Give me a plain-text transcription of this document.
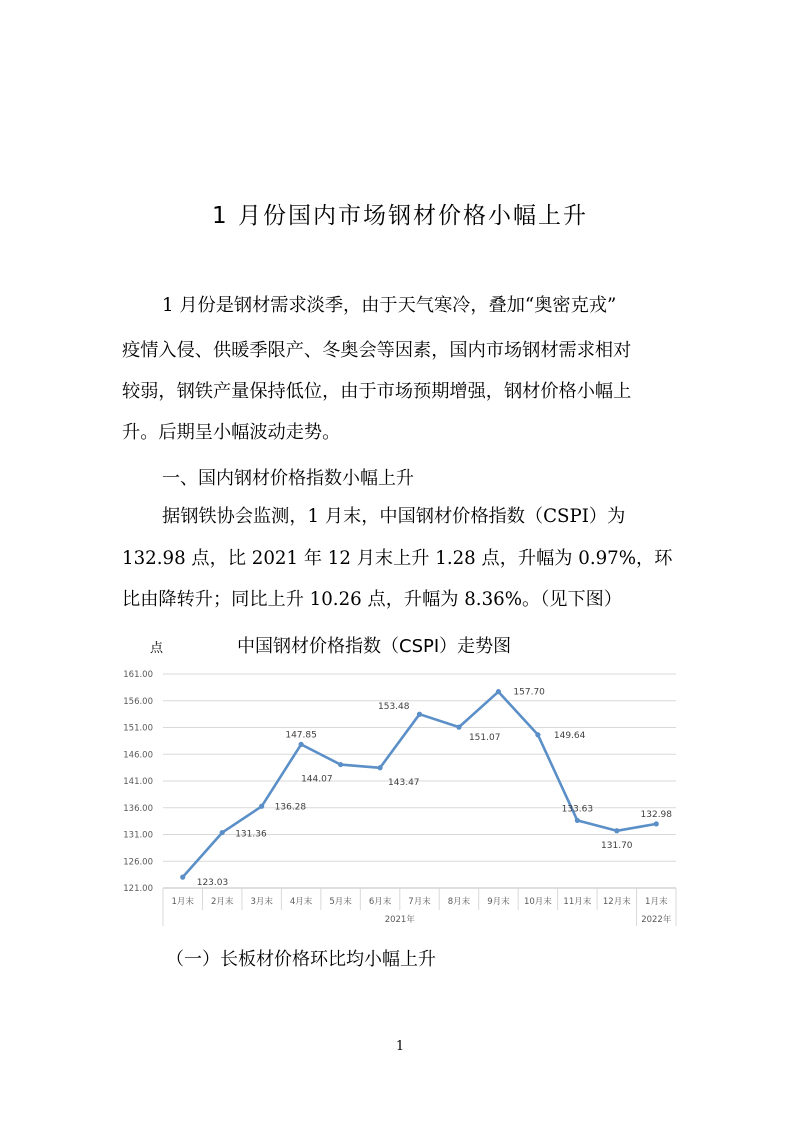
1 月份国内市场钢材价格小幅上升
1 月份是钢材需求淡季，由于天气寒冷，叠加“奥密克戎”
疫情入侵、供暖季限产、冬奥会等因素，国内市场钢材需求相对
较弱，钢铁产量保持低位，由于市场预期增强，钢材价格小幅上
升。后期呈小幅波动走势。
一、国内钢材价格指数小幅上升
据钢铁协会监测，1 月末，中国钢材价格指数（CSPI）为
132.98 点，比 2021 年 12 月末上升 1.28 点，升幅为 0.97%，环
比由降转升；同比上升 10.26 点，升幅为 8.36%。（见下图）
点	中国钢材价格指数（CSPI）走势图
121.00
126.00
131.00
136.00
141.00
146.00
151.00
156.00
161.00
1月末 2月末 3月末 4月末 5月末 6月末 7月末 8月末 9月末 10月末 11月末 12月末 1月末
2021年	2022年
123.03
131.36
136.28
147.85
144.07	143.47
153.48
151.07
157.70
149.64
133.63
131.70
132.98
（一）长板材价格环比均小幅上升
1
